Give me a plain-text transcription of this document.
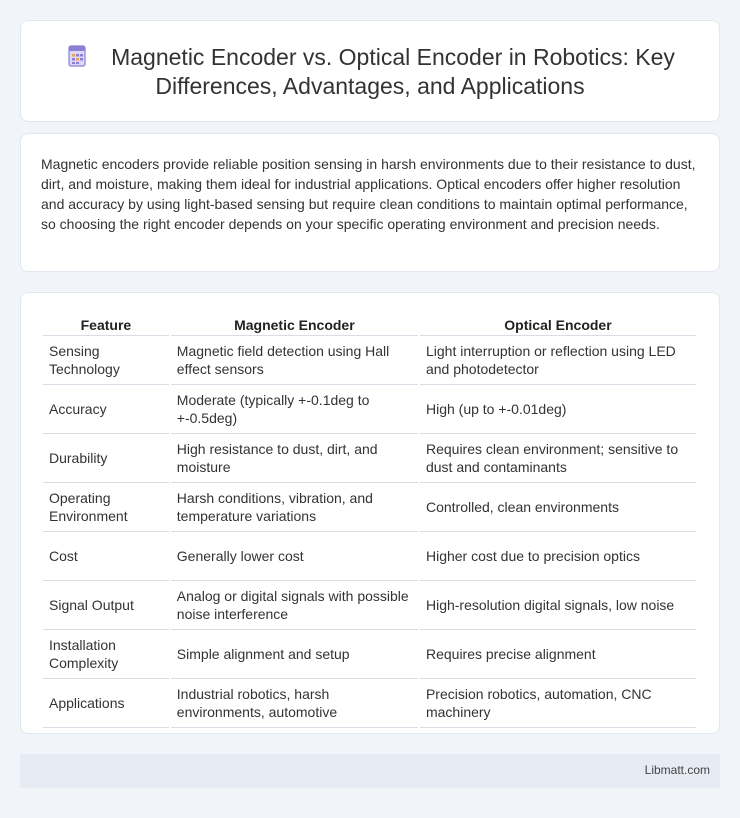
Magnetic Encoder vs. Optical Encoder in Robotics: Key
Differences, Advantages, and Applications

Magnetic encoders provide reliable position sensing in harsh environments due to their resistance to dust, dirt, and moisture, making them ideal for industrial applications. Optical encoders offer higher resolution and accuracy by using light-based sensing but require clean conditions to maintain optimal performance, so choosing the right encoder depends on your specific operating environment and precision needs.

Feature	Magnetic Encoder	Optical Encoder
Sensing Technology	Magnetic field detection using Hall effect sensors	Light interruption or reflection using LED and photodetector
Accuracy	Moderate (typically +-0.1deg to +-0.5deg)	High (up to +-0.01deg)
Durability	High resistance to dust, dirt, and moisture	Requires clean environment; sensitive to dust and contaminants
Operating Environment	Harsh conditions, vibration, and temperature variations	Controlled, clean environments
Cost	Generally lower cost	Higher cost due to precision optics
Signal Output	Analog or digital signals with possible noise interference	High-resolution digital signals, low noise
Installation Complexity	Simple alignment and setup	Requires precise alignment
Applications	Industrial robotics, harsh environments, automotive	Precision robotics, automation, CNC machinery
Libmatt.com
